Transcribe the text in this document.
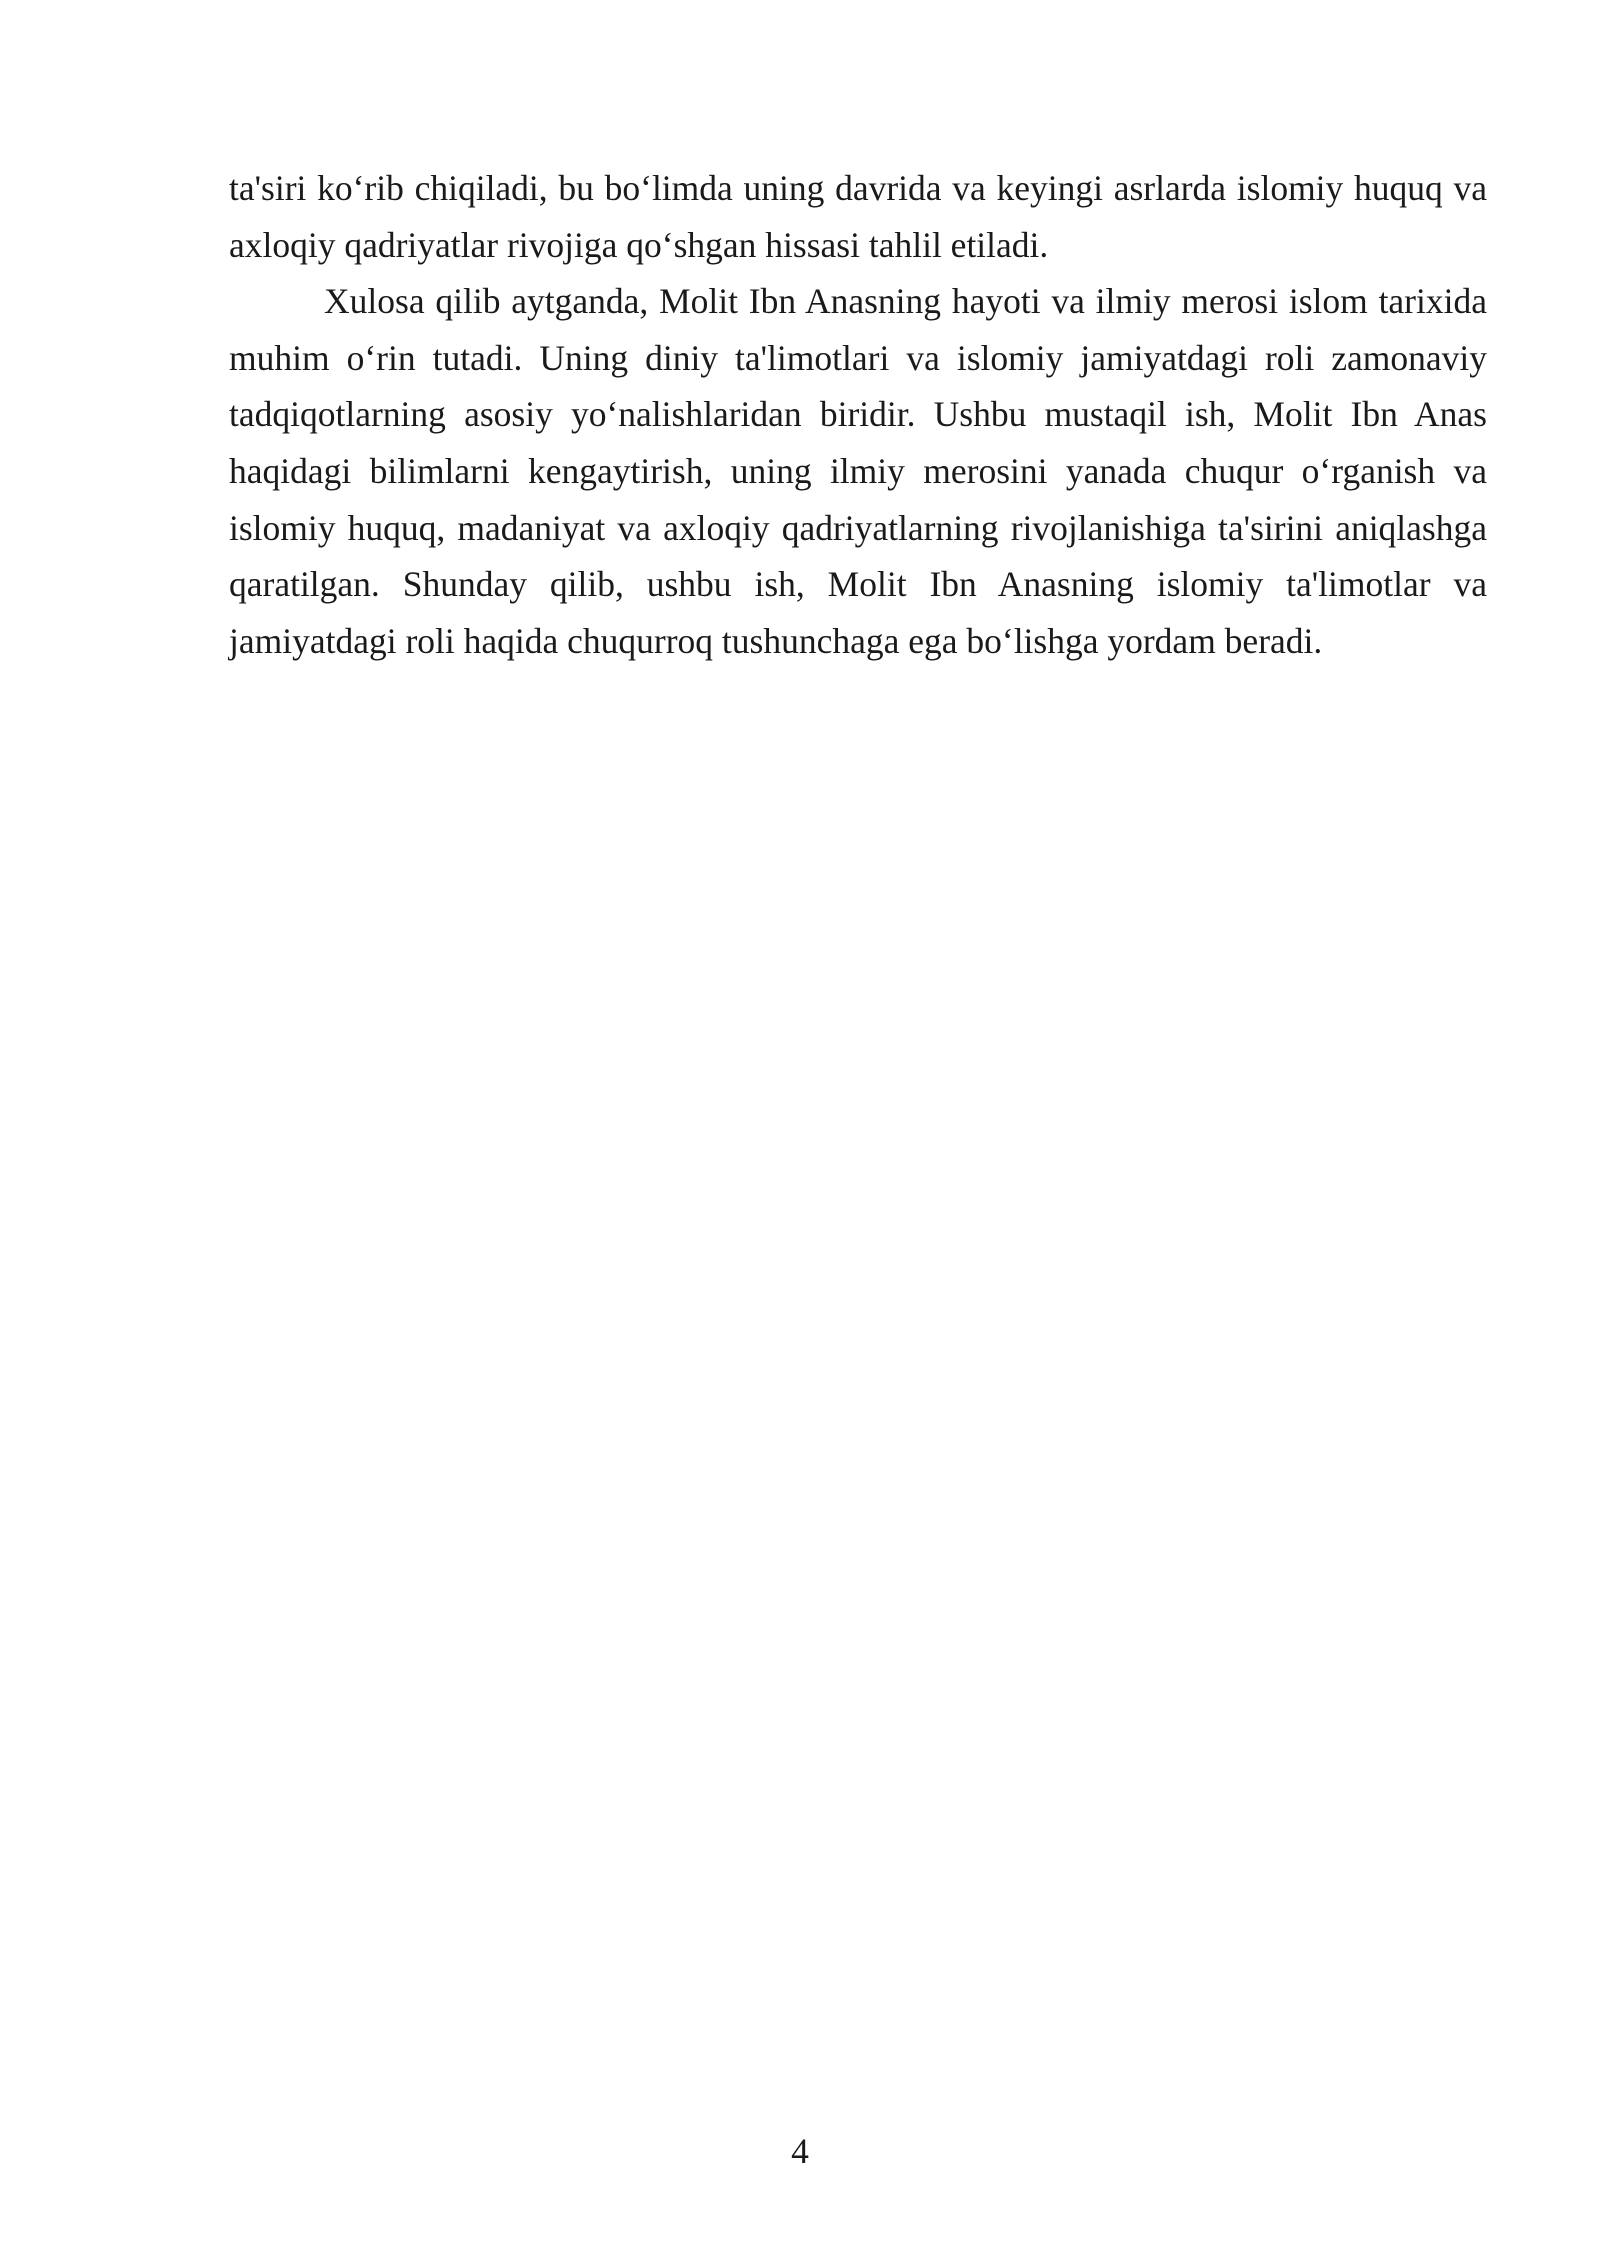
ta'siri ko‘rib chiqiladi, bu bo‘limda uning davrida va keyingi asrlarda islomiy huquq va axloqiy qadriyatlar rivojiga qo‘shgan hissasi tahlil etiladi.

Xulosa qilib aytganda, Molit Ibn Anasning hayoti va ilmiy merosi islom tarixida muhim o‘rin tutadi. Uning diniy ta'limotlari va islomiy jamiyatdagi roli zamonaviy tadqiqotlarning asosiy yo‘nalishlaridan biridir. Ushbu mustaqil ish, Molit Ibn Anas haqidagi bilimlarni kengaytirish, uning ilmiy merosini yanada chuqur o‘rganish va islomiy huquq, madaniyat va axloqiy qadriyatlarning rivojlanishiga ta'sirini aniqlashga qaratilgan. Shunday qilib, ushbu ish, Molit Ibn Anasning islomiy ta'limotlar va jamiyatdagi roli haqida chuqurroq tushunchaga ega bo‘lishga yordam beradi.

4
